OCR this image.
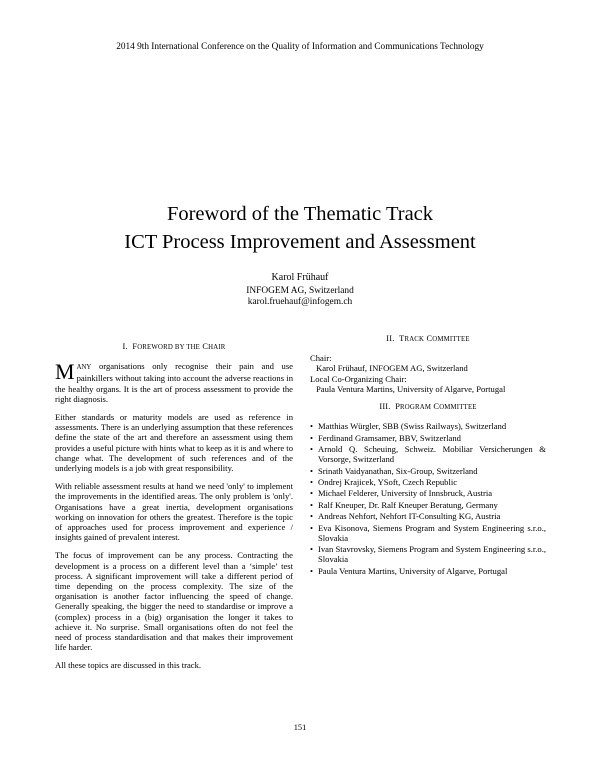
2014 9th International Conference on the Quality of Information and Communications Technology
Foreword of the Thematic Track
ICT Process Improvement and Assessment
Karol Frühauf
INFOGEM AG, Switzerland
karol.fruehauf@infogem.ch
I. FOREWORD BY THE CHAIR

MANY organisations only recognise their pain and use painkillers without taking into account the adverse reactions in the healthy organs. It is the art of process assessment to provide the right diagnosis.

Either standards or maturity models are used as reference in assessments. There is an underlying assumption that these references define the state of the art and therefore an assessment using them provides a useful picture with hints what to keep as it is and where to change what. The development of such references and of the underlying models is a job with great responsibility.

With reliable assessment results at hand we need 'only' to implement the improvements in the identified areas. The only problem is 'only'. Organisations have a great inertia, development organisations working on innovation for others the greatest. Therefore is the topic of approaches used for process improvement and experience / insights gained of prevalent interest.

The focus of improvement can be any process. Contracting the development is a process on a different level than a ‘simple’ test process. A significant improvement will take a different period of time depending on the process complexity. The size of the organisation is another factor influencing the speed of change. Generally speaking, the bigger the need to standardise or improve a (complex) process in a (big) organisation the longer it takes to achieve it. No surprise. Small organisations often do not feel the need of process standardisation and that makes their improvement life harder.

All these topics are discussed in this track.

II. TRACK COMMITTEE
Chair:
Karol Frühauf, INFOGEM AG, Switzerland
Local Co-Organizing Chair:
Paula Ventura Martins, University of Algarve, Portugal
III. PROGRAM COMMITTEE
• Matthias Würgler, SBB (Swiss Railways), Switzerland
• Ferdinand Gramsamer, BBV, Switzerland
• Arnold Q. Scheuing, Schweiz. Mobiliar Versicherungen & Vorsorge, Switzerland
• Srinath Vaidyanathan, Six-Group, Switzerland
• Ondrej Krajicek, YSoft, Czech Republic
• Michael Felderer, University of Innsbruck, Austria
• Ralf Kneuper, Dr. Ralf Kneuper Beratung, Germany
• Andreas Nehfort, Nehfort IT-Consulting KG, Austria
• Eva Kisonova, Siemens Program and System Engineering s.r.o., Slovakia
• Ivan Stavrovsky, Siemens Program and System Engineering s.r.o., Slovakia
• Paula Ventura Martins, University of Algarve, Portugal
151
